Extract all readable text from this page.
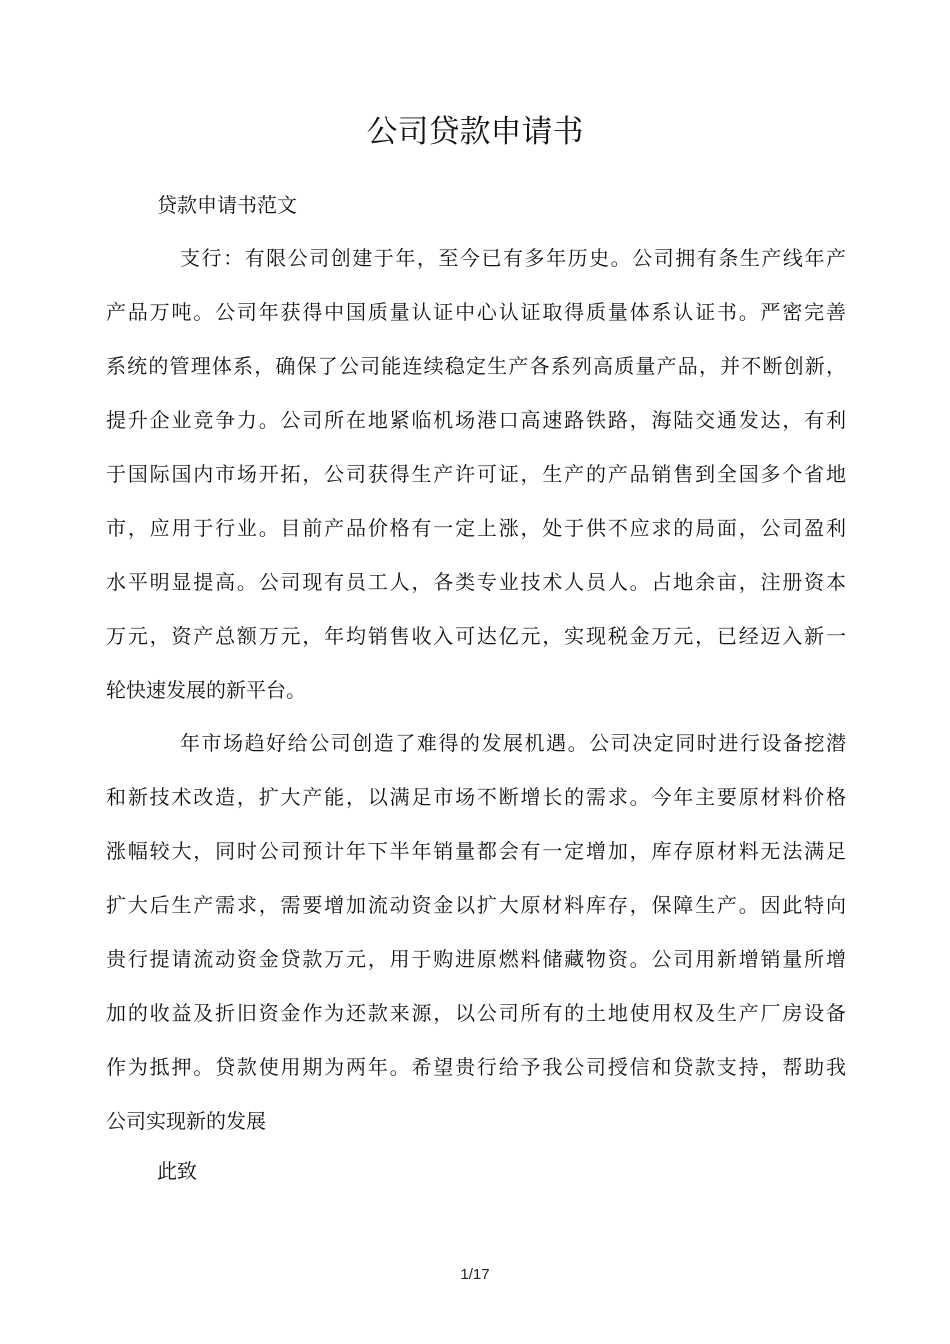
公司贷款申请书
贷款申请书范文
支行：有限公司创建于年，至今已有多年历史。公司拥有条生产线年产
产品万吨。公司年获得中国质量认证中心认证取得质量体系认证书。严密完善
系统的管理体系，确保了公司能连续稳定生产各系列高质量产品，并不断创新，
提升企业竞争力。公司所在地紧临机场港口高速路铁路，海陆交通发达，有利
于国际国内市场开拓，公司获得生产许可证，生产的产品销售到全国多个省地
市，应用于行业。目前产品价格有一定上涨，处于供不应求的局面，公司盈利
水平明显提高。公司现有员工人，各类专业技术人员人。占地余亩，注册资本
万元，资产总额万元，年均销售收入可达亿元，实现税金万元，已经迈入新一
轮快速发展的新平台。
年市场趋好给公司创造了难得的发展机遇。公司决定同时进行设备挖潜
和新技术改造，扩大产能，以满足市场不断增长的需求。今年主要原材料价格
涨幅较大，同时公司预计年下半年销量都会有一定增加，库存原材料无法满足
扩大后生产需求，需要增加流动资金以扩大原材料库存，保障生产。因此特向
贵行提请流动资金贷款万元，用于购进原燃料储藏物资。公司用新增销量所增
加的收益及折旧资金作为还款来源，以公司所有的土地使用权及生产厂房设备
作为抵押。贷款使用期为两年。希望贵行给予我公司授信和贷款支持，帮助我
公司实现新的发展
此致
1/17
